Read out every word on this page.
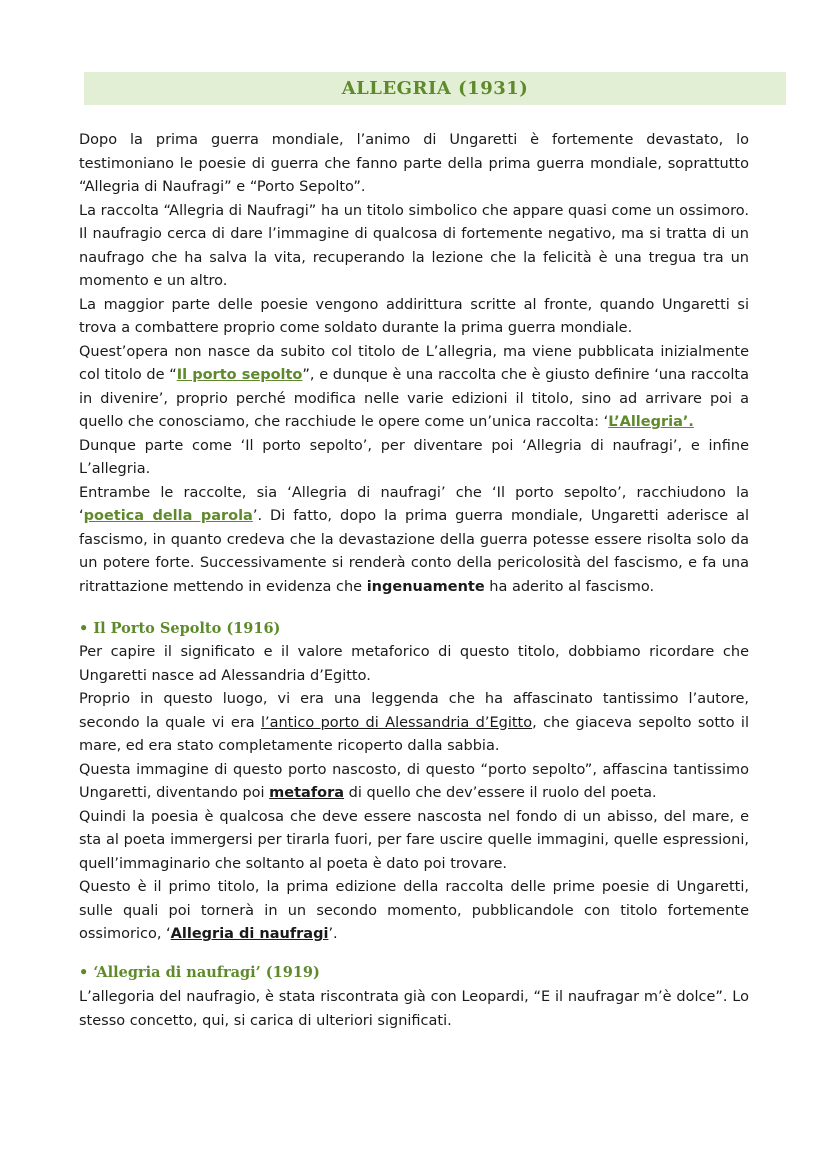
ALLEGRIA (1931)

Dopo la prima guerra mondiale, l’animo di Ungaretti è fortemente devastato, lo testimoniano le poesie di guerra che fanno parte della prima guerra mondiale, soprattutto “Allegria di Naufragi” e “Porto Sepolto”.

La raccolta “Allegria di Naufragi” ha un titolo simbolico che appare quasi come un ossimoro. Il naufragio cerca di dare l’immagine di qualcosa di fortemente negativo, ma si tratta di un naufrago che ha salva la vita, recuperando la lezione che la felicità è una tregua tra un momento e un altro.

La maggior parte delle poesie vengono addirittura scritte al fronte, quando Ungaretti si trova a combattere proprio come soldato durante la prima guerra mondiale.

Quest’opera non nasce da subito col titolo de L’allegria, ma viene pubblicata inizialmente col titolo de “Il porto sepolto”, e dunque è una raccolta che è giusto definire ‘una raccolta in divenire’, proprio perché modifica nelle varie edizioni il titolo, sino ad arrivare poi a quello che conosciamo, che racchiude le opere come un’unica raccolta: ‘L’Allegria’.

Dunque parte come ‘Il porto sepolto’, per diventare poi ‘Allegria di naufragi’, e infine L’allegria.

Entrambe le raccolte, sia ‘Allegria di naufragi’ che ‘Il porto sepolto’, racchiudono la ‘poetica della parola’. Di fatto, dopo la prima guerra mondiale, Ungaretti aderisce al fascismo, in quanto credeva che la devastazione della guerra potesse essere risolta solo da un potere forte. Successivamente si renderà conto della pericolosità del fascismo, e fa una ritrattazione mettendo in evidenza che ingenuamente ha aderito al fascismo.

• Il Porto Sepolto (1916)

Per capire il significato e il valore metaforico di questo titolo, dobbiamo ricordare che Ungaretti nasce ad Alessandria d’Egitto.

Proprio in questo luogo, vi era una leggenda che ha affascinato tantissimo l’autore, secondo la quale vi era l’antico porto di Alessandria d’Egitto, che giaceva sepolto sotto il mare, ed era stato completamente ricoperto dalla sabbia.

Questa immagine di questo porto nascosto, di questo “porto sepolto”, affascina tantissimo Ungaretti, diventando poi metafora di quello che dev’essere il ruolo del poeta.

Quindi la poesia è qualcosa che deve essere nascosta nel fondo di un abisso, del mare, e sta al poeta immergersi per tirarla fuori, per fare uscire quelle immagini, quelle espressioni, quell’immaginario che soltanto al poeta è dato poi trovare.

Questo è il primo titolo, la prima edizione della raccolta delle prime poesie di Ungaretti, sulle quali poi tornerà in un secondo momento, pubblicandole con titolo fortemente ossimorico, ‘Allegria di naufragi’.

• ‘Allegria di naufragi’ (1919)

L’allegoria del naufragio, è stata riscontrata già con Leopardi, “E il naufragar m’è dolce”. Lo stesso concetto, qui, si carica di ulteriori significati.
